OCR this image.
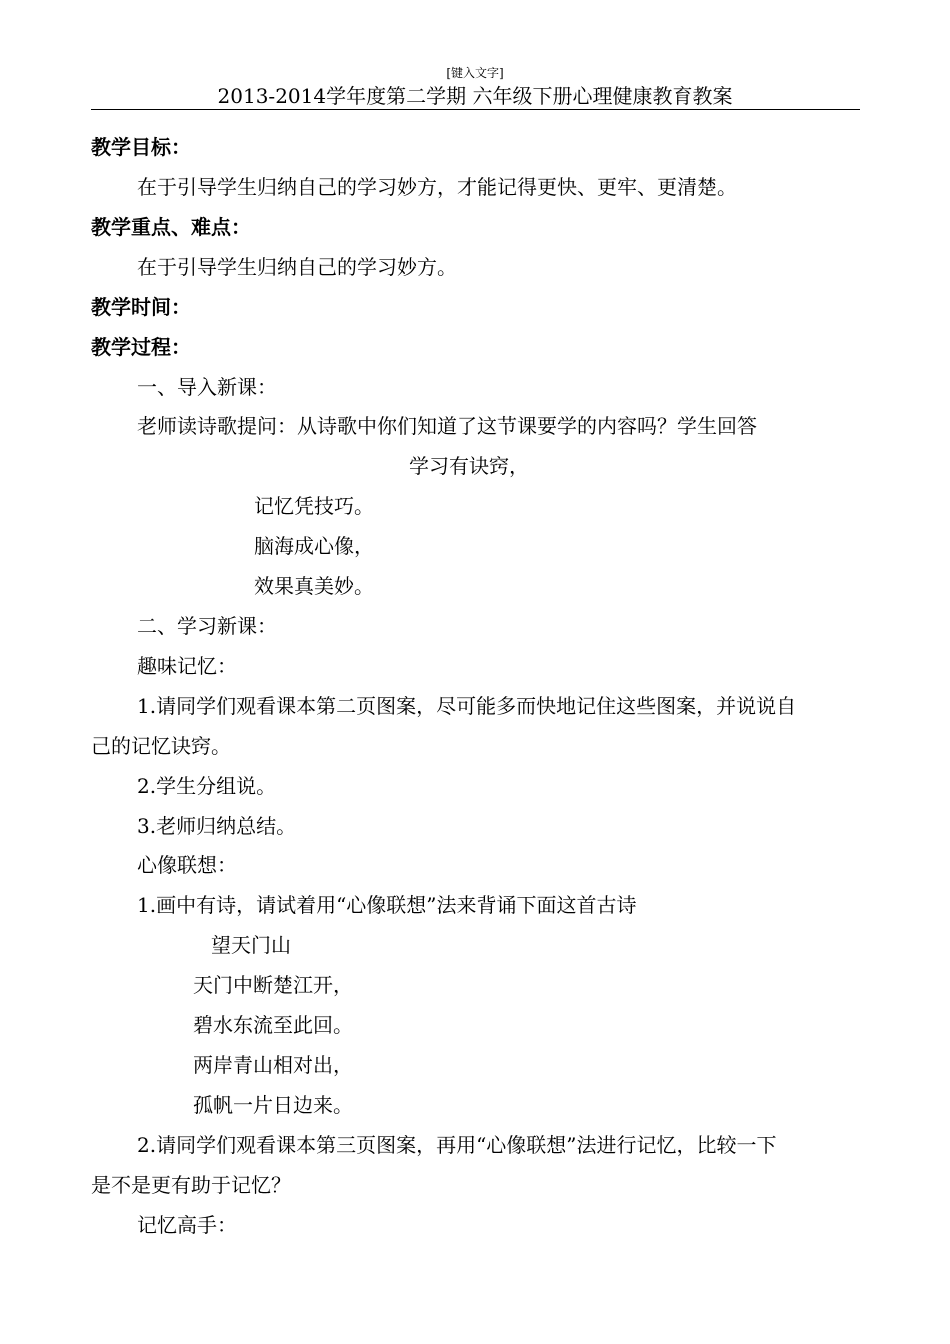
[键入文字]
2013-2014学年度第二学期 六年级下册心理健康教育教案
教学目标：
在于引导学生归纳自己的学习妙方，才能记得更快、更牢、更清楚。
教学重点、难点：
在于引导学生归纳自己的学习妙方。
教学时间：
教学过程：
一、导入新课：
老师读诗歌提问：从诗歌中你们知道了这节课要学的内容吗？学生回答
学习有诀窍，
记忆凭技巧。
脑海成心像，
效果真美妙。
二、学习新课：
趣味记忆：
1.请同学们观看课本第二页图案，尽可能多而快地记住这些图案，并说说自
己的记忆诀窍。
2.学生分组说。
3.老师归纳总结。
心像联想：
1.画中有诗，请试着用“心像联想”法来背诵下面这首古诗
望天门山
天门中断楚江开，
碧水东流至此回。
两岸青山相对出，
孤帆一片日边来。
2.请同学们观看课本第三页图案，再用“心像联想”法进行记忆，比较一下
是不是更有助于记忆？
记忆高手：
